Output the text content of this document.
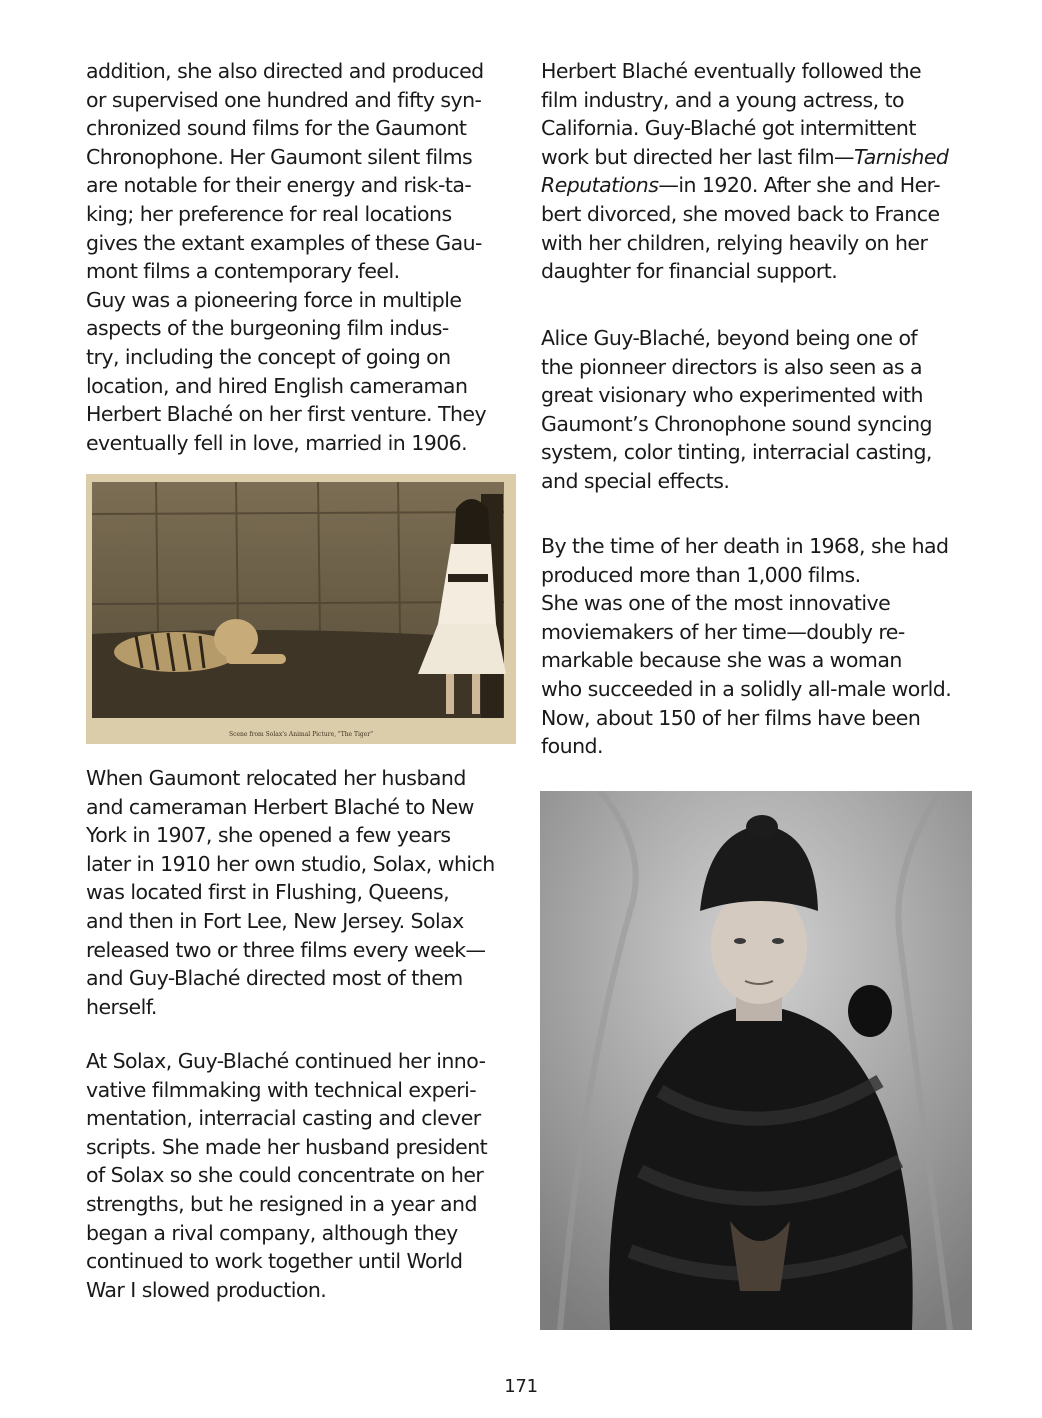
addition, she also directed and produced
or supervised one hundred and fifty syn-
chronized sound films for the Gaumont
Chronophone. Her Gaumont silent films
are notable for their energy and risk-ta-
king; her preference for real locations
gives the extant examples of these Gau-
mont films a contemporary feel.
Guy was a pioneering force in multiple
aspects of the burgeoning film indus-
try, including the concept of going on
location, and hired English cameraman
Herbert Blaché on her first venture. They
eventually fell in love, married in 1906.

Scene from Solax's Animal Picture, "The Tiger"

When Gaumont relocated her husband
and cameraman Herbert Blaché to New
York in 1907, she opened a few years
later in 1910 her own studio, Solax, which
was located first in Flushing, Queens,
and then in Fort Lee, New Jersey. Solax
released two or three films every week—
and Guy-Blaché directed most of them
herself.

At Solax, Guy-Blaché continued her inno-
vative filmmaking with technical experi-
mentation, interracial casting and clever
scripts. She made her husband president
of Solax so she could concentrate on her
strengths, but he resigned in a year and
began a rival company, although they
continued to work together until World
War I slowed production.

Herbert Blaché eventually followed the
film industry, and a young actress, to
California. Guy-Blaché got intermittent
work but directed her last film—Tarnished
Reputations—in 1920. After she and Her-
bert divorced, she moved back to France
with her children, relying heavily on her
daughter for financial support.

Alice Guy-Blaché, beyond being one of
the pionneer directors is also seen as a
great visionary who experimented with
Gaumont’s Chronophone sound syncing
system, color tinting, interracial casting,
and special effects.

By the time of her death in 1968, she had
produced more than 1,000 films.
She was one of the most innovative
moviemakers of her time—doubly re-
markable because she was a woman
who succeeded in a solidly all-male world.
Now, about 150 of her films have been
found.

171
